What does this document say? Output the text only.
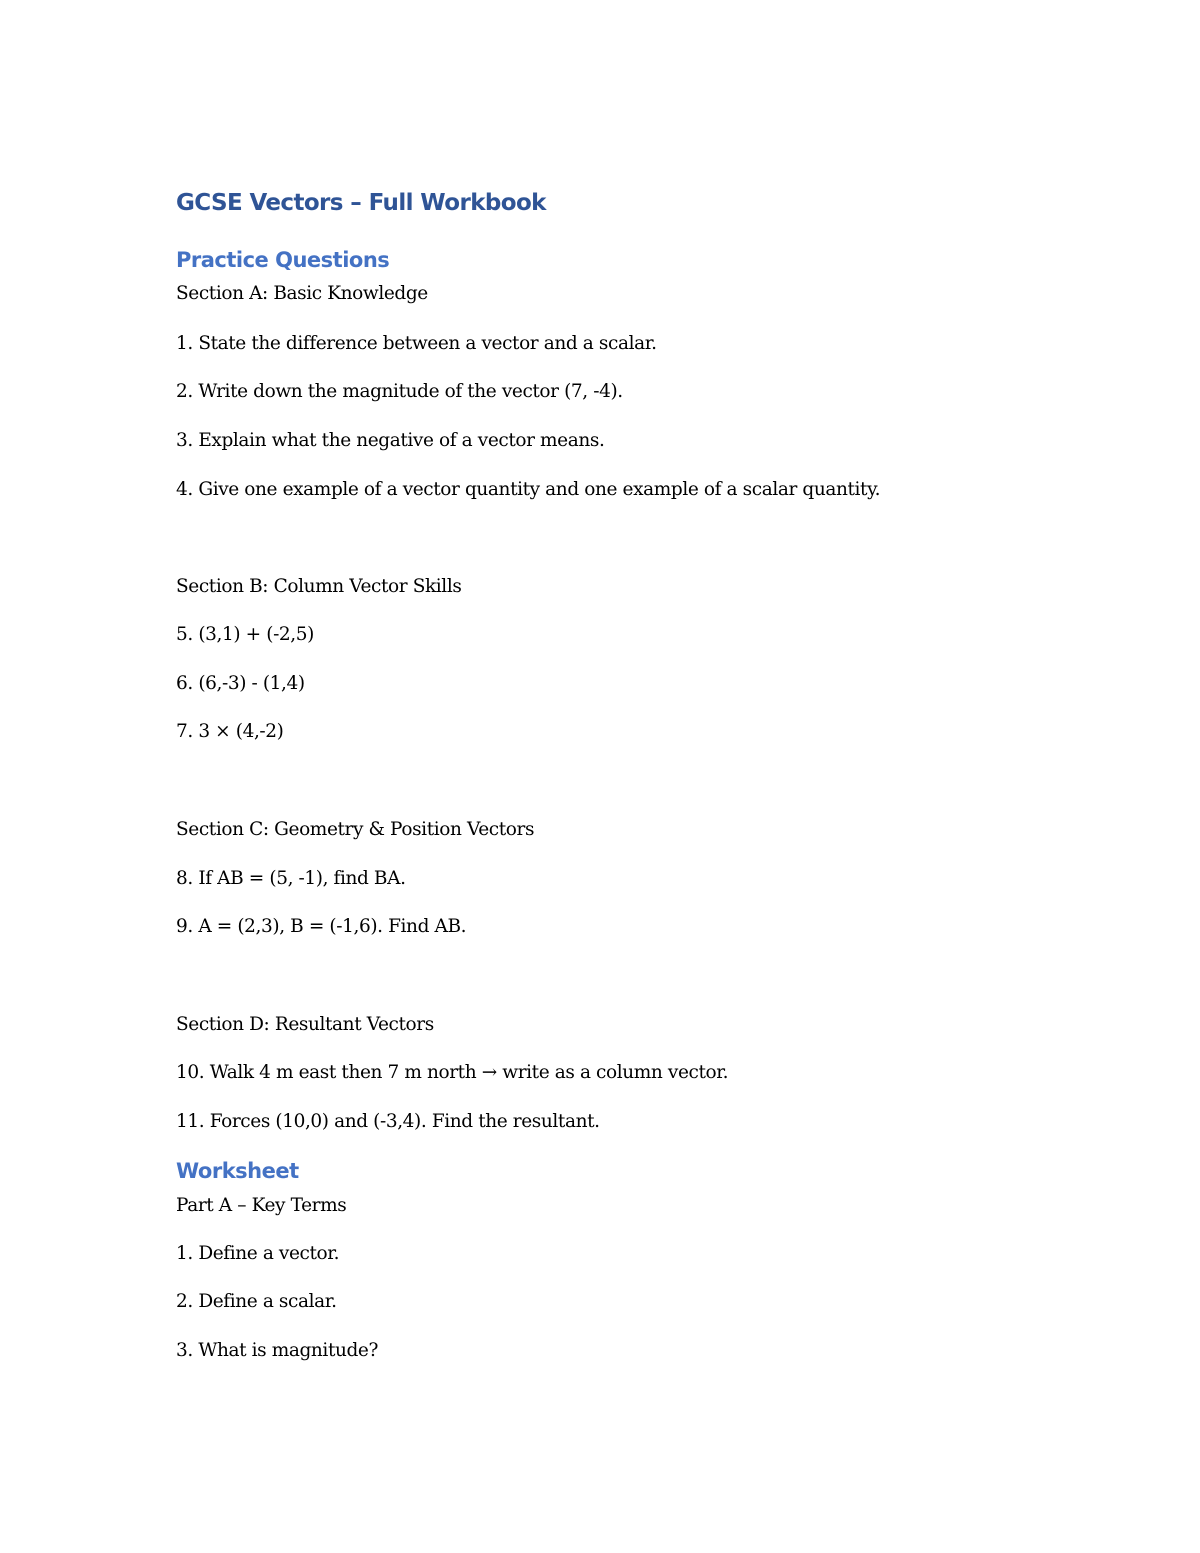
GCSE Vectors – Full Workbook
Practice Questions
Section A: Basic Knowledge
1. State the difference between a vector and a scalar.
2. Write down the magnitude of the vector (7, -4).
3. Explain what the negative of a vector means.
4. Give one example of a vector quantity and one example of a scalar quantity.
Section B: Column Vector Skills
5. (3,1) + (-2,5)
6. (6,-3) - (1,4)
7. 3 × (4,-2)
Section C: Geometry & Position Vectors
8. If AB = (5, -1), find BA.
9. A = (2,3), B = (-1,6). Find AB.
Section D: Resultant Vectors
10. Walk 4 m east then 7 m north → write as a column vector.
11. Forces (10,0) and (-3,4). Find the resultant.
Worksheet
Part A – Key Terms
1. Define a vector.
2. Define a scalar.
3. What is magnitude?
